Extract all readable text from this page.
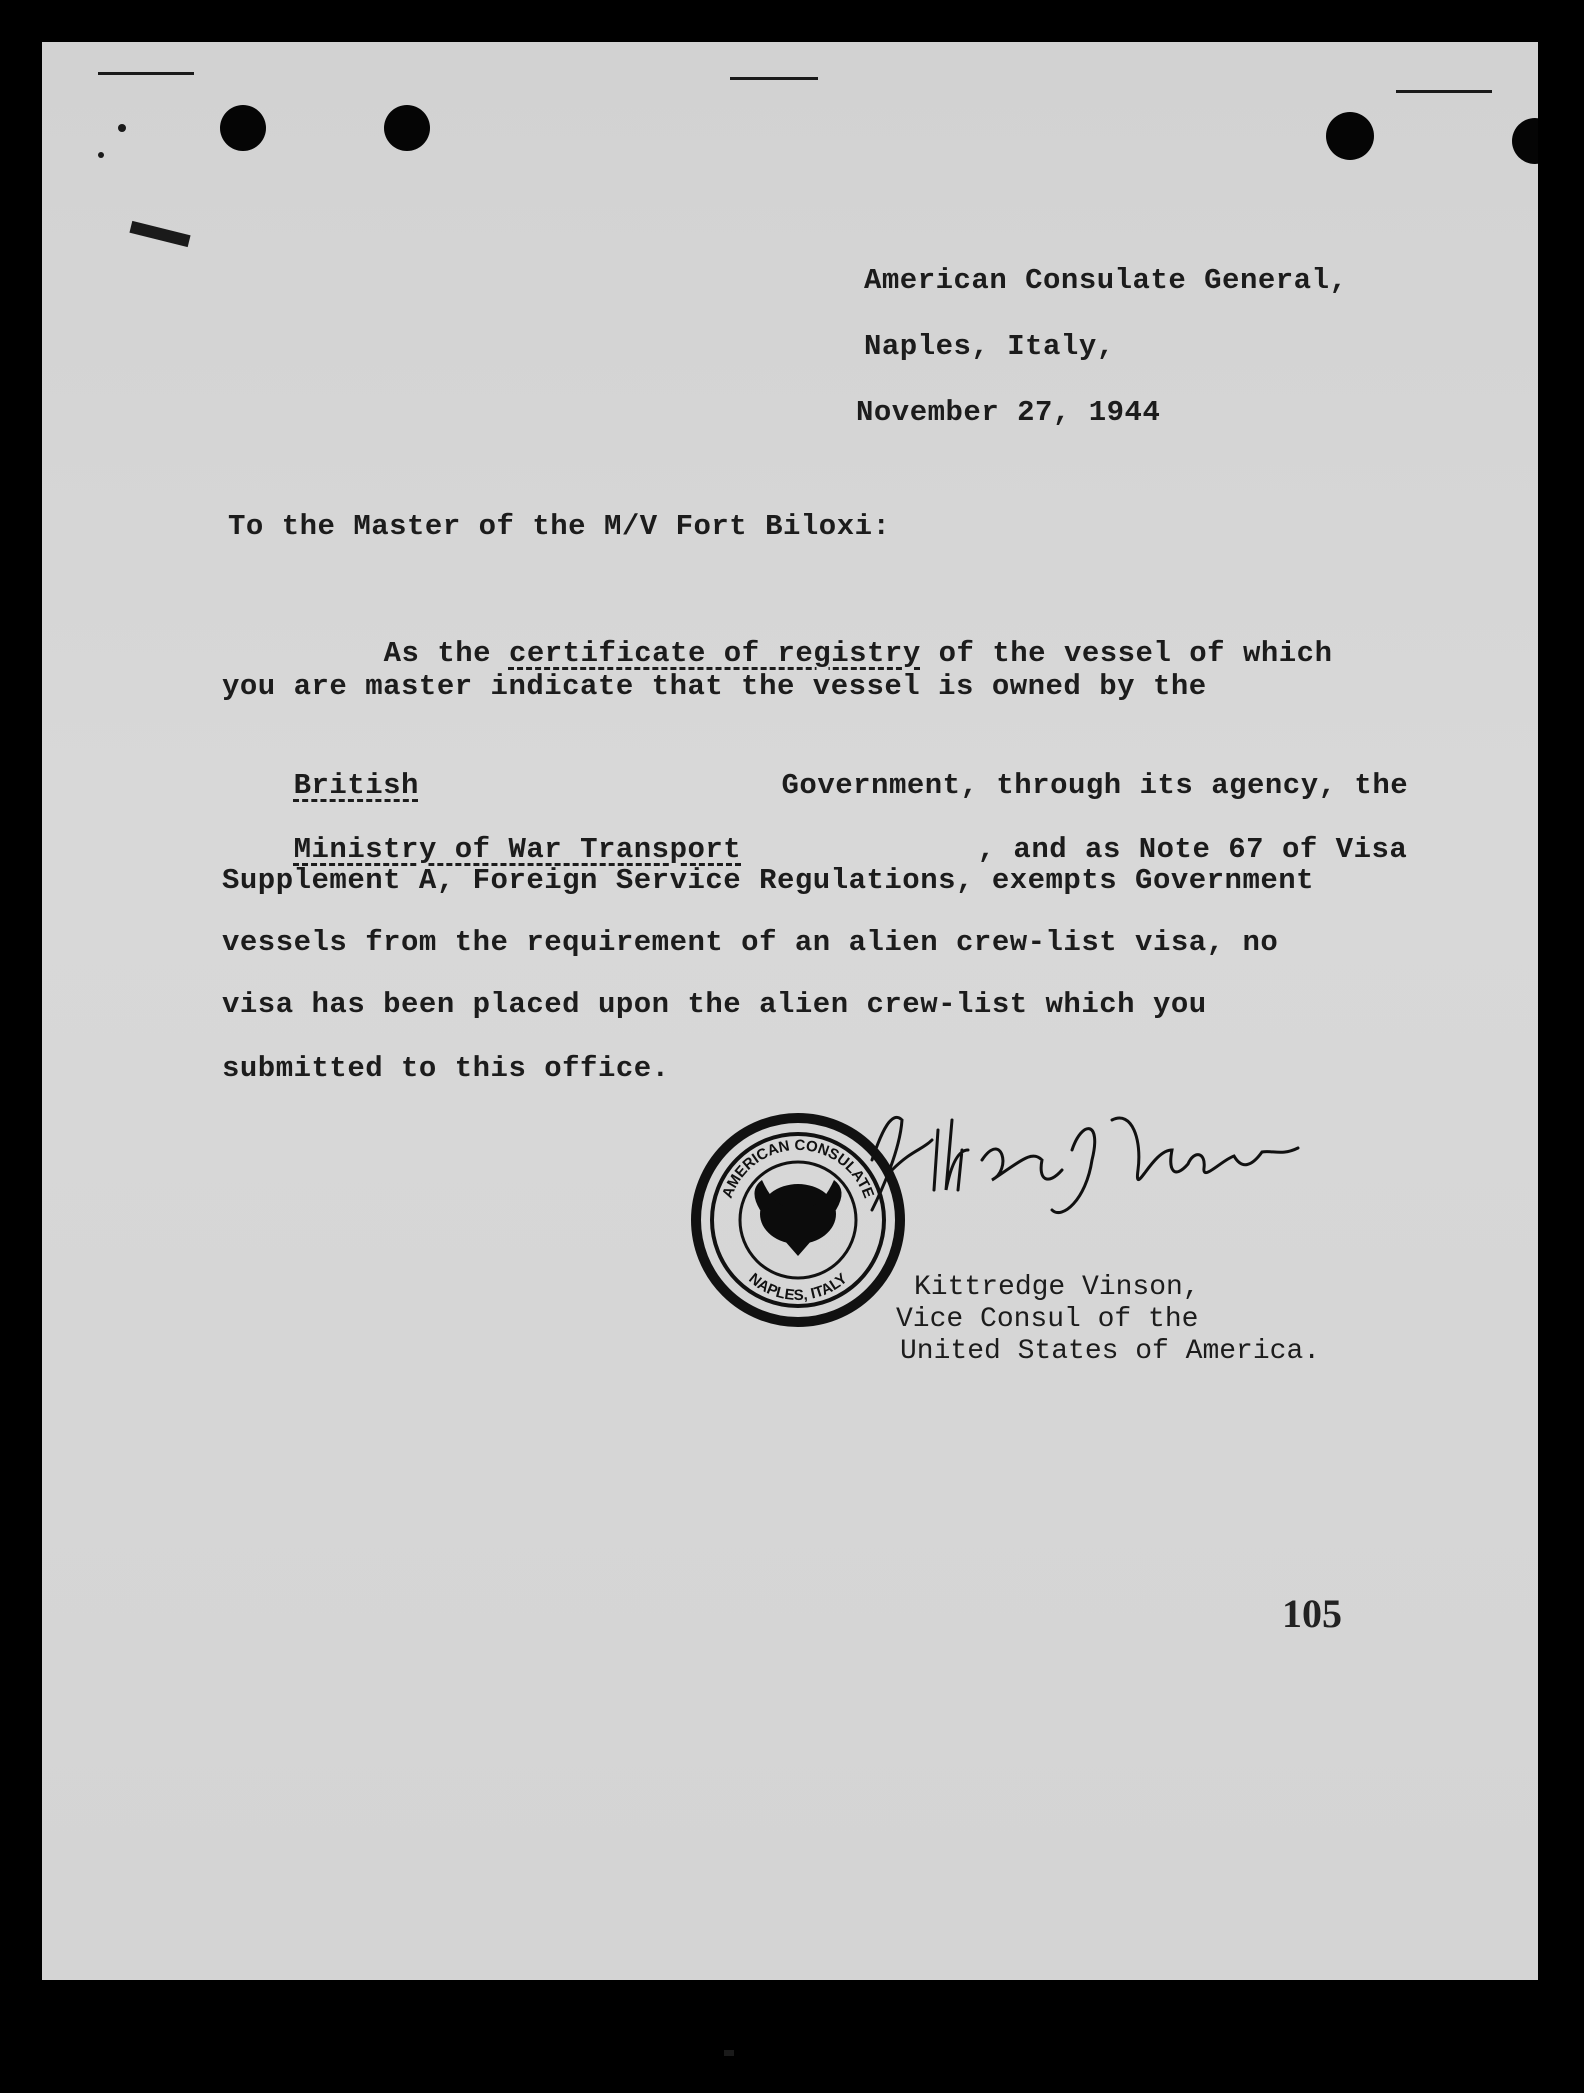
American Consulate General,
Naples, Italy,
November 27, 1944
To the Master of the M/V Fort Biloxi:

As the certificate of registry of the vessel of which

you are master indicate that the vessel is owned by the

British	Government, through its agency, the

Ministry of War Transport	, and as Note 67 of Visa

Supplement A, Foreign Service Regulations, exempts Government
vessels from the requirement of an alien crew-list visa, no
visa has been placed upon the alien crew-list which you
submitted to this office.
AMERICAN CONSULATE
NAPLES, ITALY Kittredge Vinson,
Vice Consul of the
United States of America.
105
